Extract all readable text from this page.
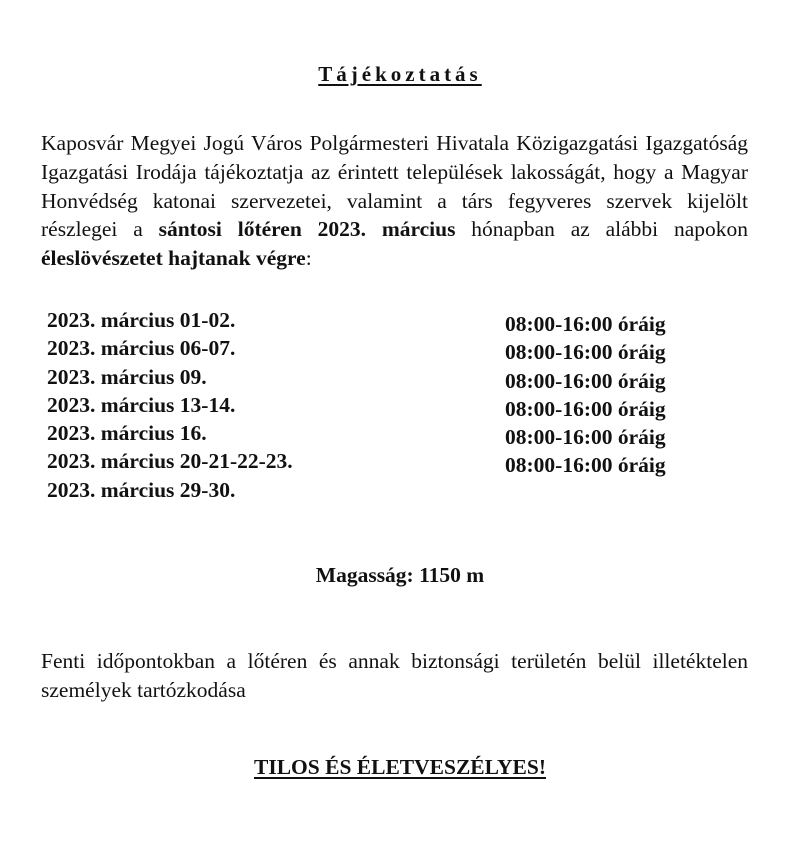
Tájékoztatás

Kaposvár Megyei Jogú Város Polgármesteri Hivatala Közigazgatási Igazgatóság Igazgatási Irodája tájékoztatja az érintett települések lakosságát, hogy a Magyar Honvédség katonai szervezetei, valamint a társ fegyveres szervek kijelölt részlegei a sántosi lőtéren 2023. március hónapban az alábbi napokon éleslövészetet hajtanak végre:

2023. március 01-02.	08:00-16:00 óráig
2023. március 06-07.	08:00-16:00 óráig
2023. március 09.	08:00-16:00 óráig
2023. március 13-14.	08:00-16:00 óráig
2023. március 16.	08:00-16:00 óráig
2023. március 20-21-22-23.	08:00-16:00 óráig
2023. március 29-30.
Magasság: 1150 m

Fenti időpontokban a lőtéren és annak biztonsági területén belül illetéktelen személyek tartózkodása

TILOS ÉS ÉLETVESZÉLYES!
